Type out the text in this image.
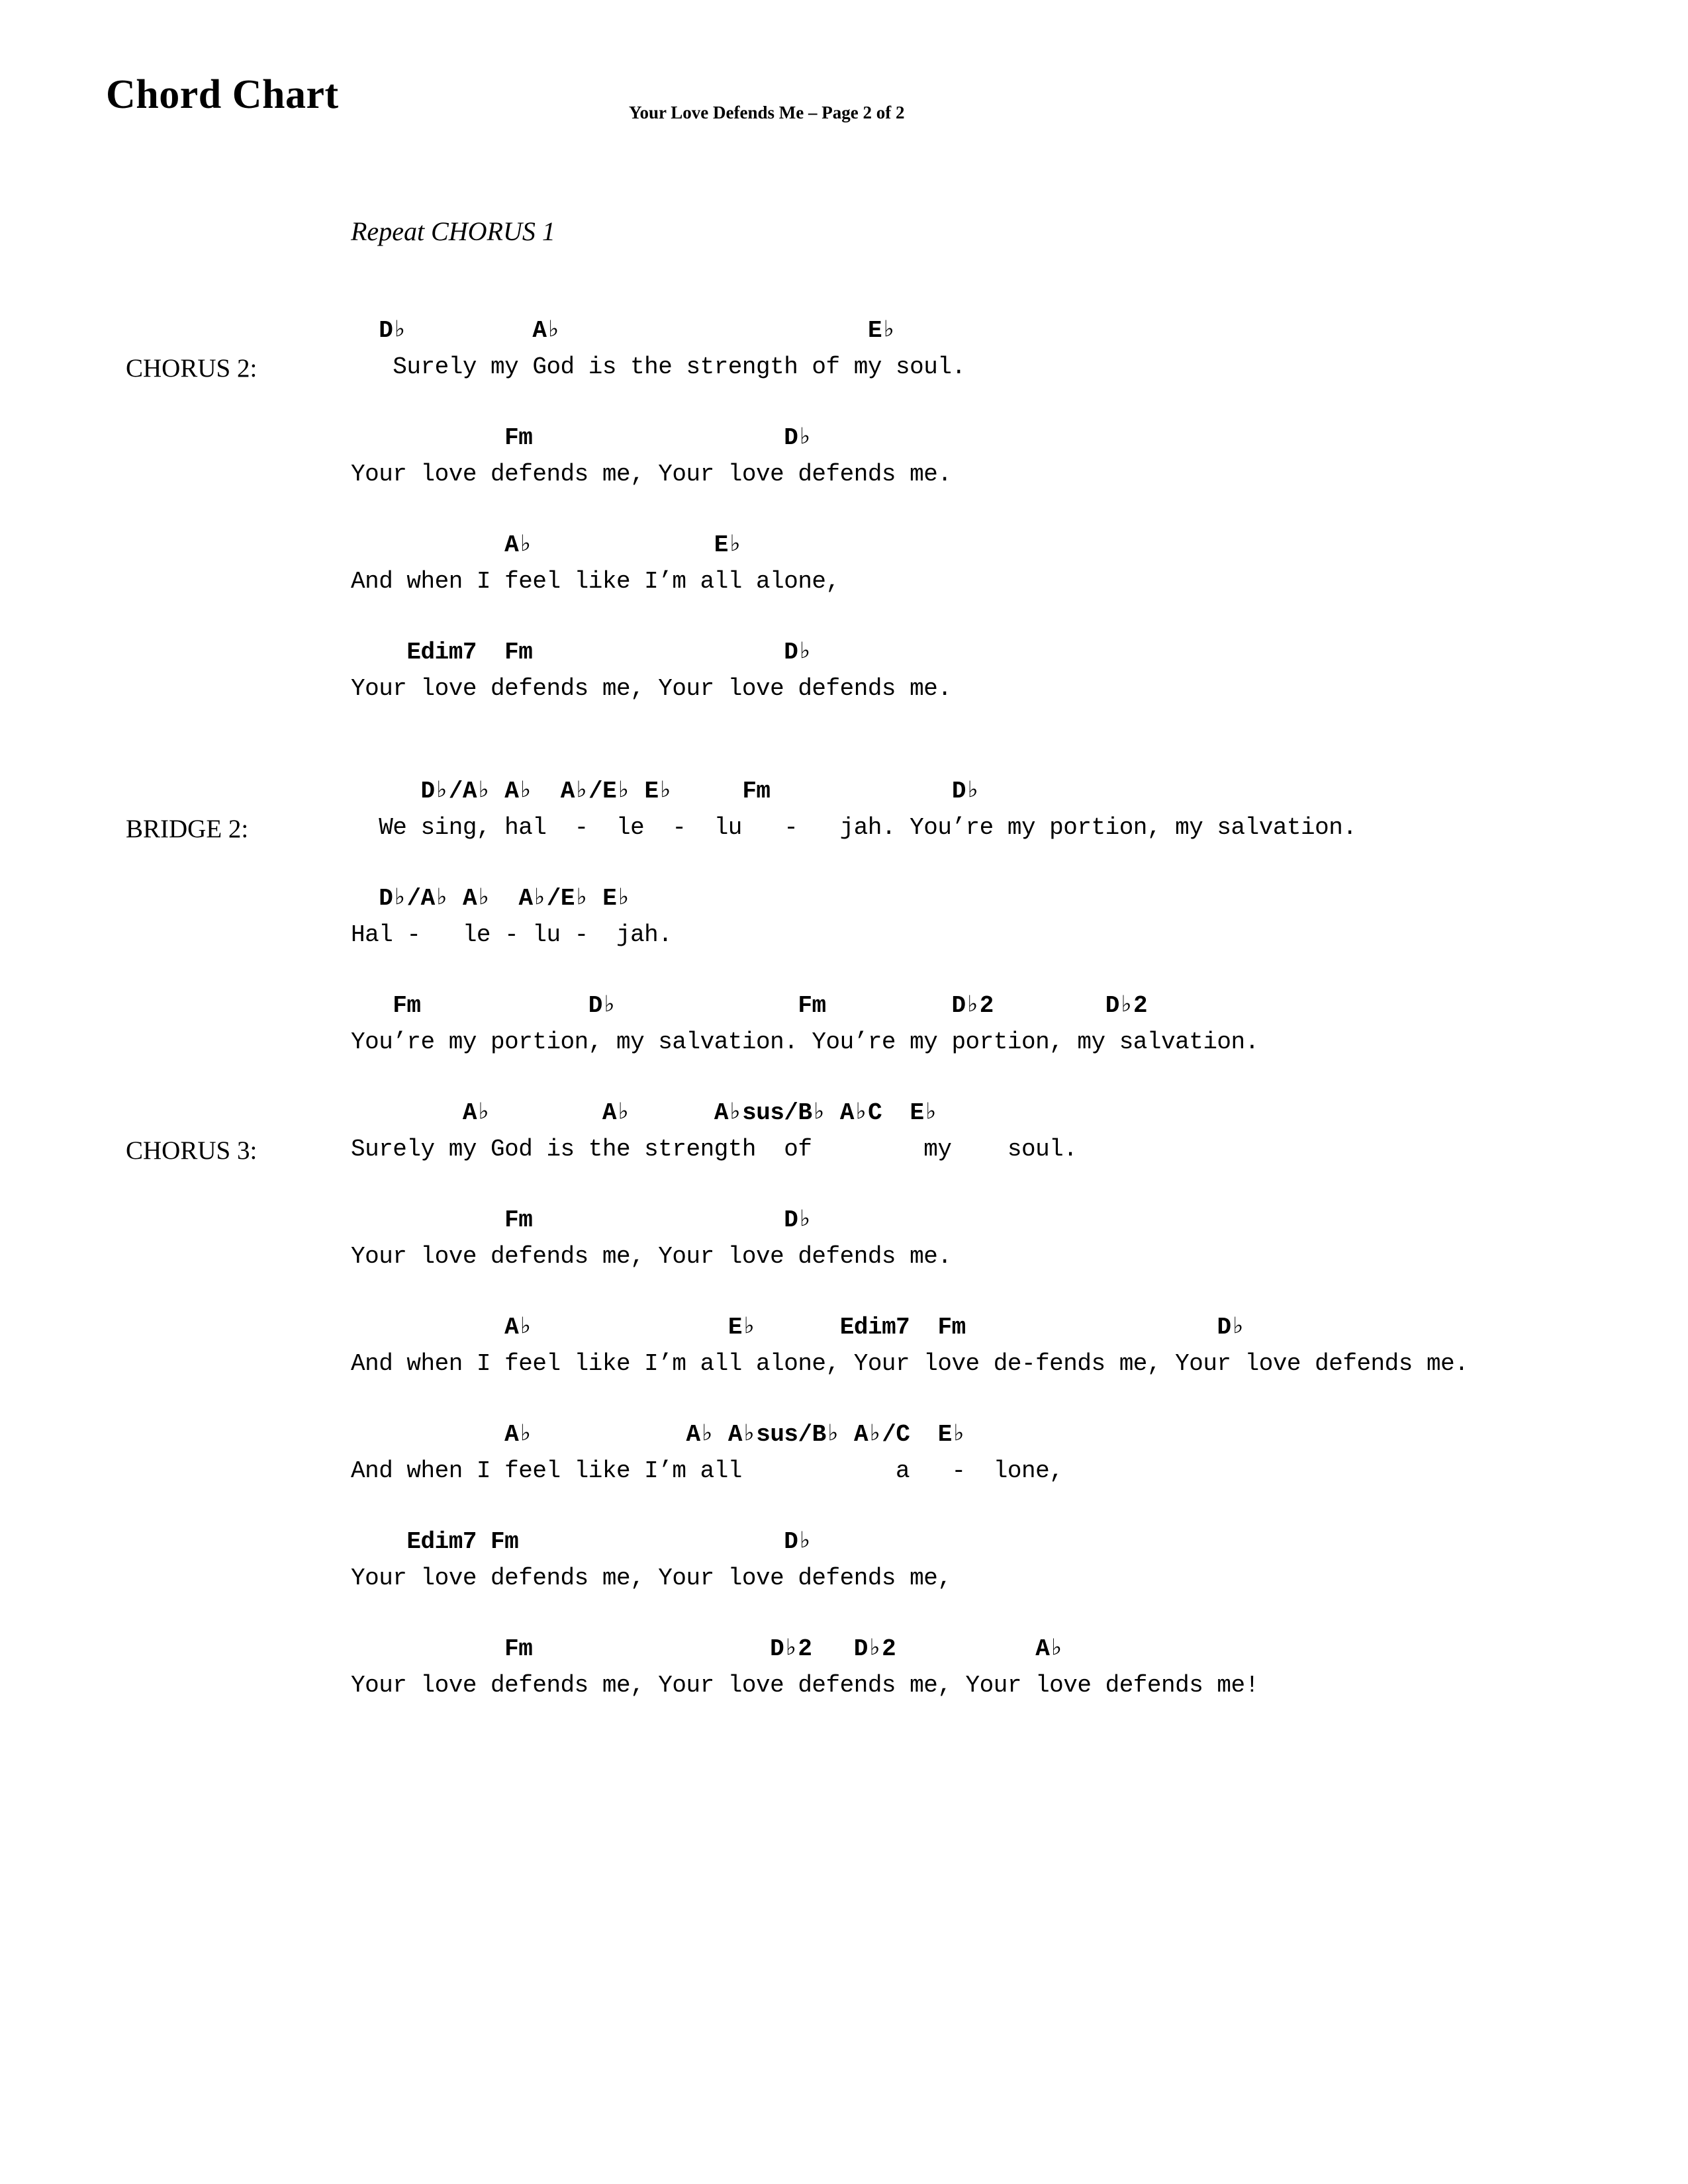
Chord Chart	Your Love Defends Me – Page 2 of 2
Repeat CHORUS 1
CHORUS 2:
D♭         A♭                      E♭
Surely my God is the strength of my soul.
Fm                  D♭
Your love defends me, Your love defends me.
A♭             E♭
And when I feel like I’m all alone,
Edim7  Fm                  D♭
Your love defends me, Your love defends me.
BRIDGE 2:
D♭/A♭ A♭  A♭/E♭ E♭     Fm             D♭
We sing, hal  -  le  -  lu   -   jah. You’re my portion, my salvation.
D♭/A♭ A♭  A♭/E♭ E♭
Hal -   le - lu -  jah.
Fm            D♭             Fm         D♭2        D♭2
You’re my portion, my salvation. You’re my portion, my salvation.
CHORUS 3:
A♭        A♭      A♭sus/B♭ A♭C  E♭
Surely my God is the strength  of        my    soul.
Fm                  D♭
Your love defends me, Your love defends me.
A♭              E♭      Edim7  Fm                  D♭
And when I feel like I’m all alone, Your love de-fends me, Your love defends me.
A♭           A♭ A♭sus/B♭ A♭/C  E♭
And when I feel like I’m all           a   -  lone,
Edim7 Fm                   D♭
Your love defends me, Your love defends me,
Fm                 D♭2   D♭2          A♭
Your love defends me, Your love defends me, Your love defends me!
